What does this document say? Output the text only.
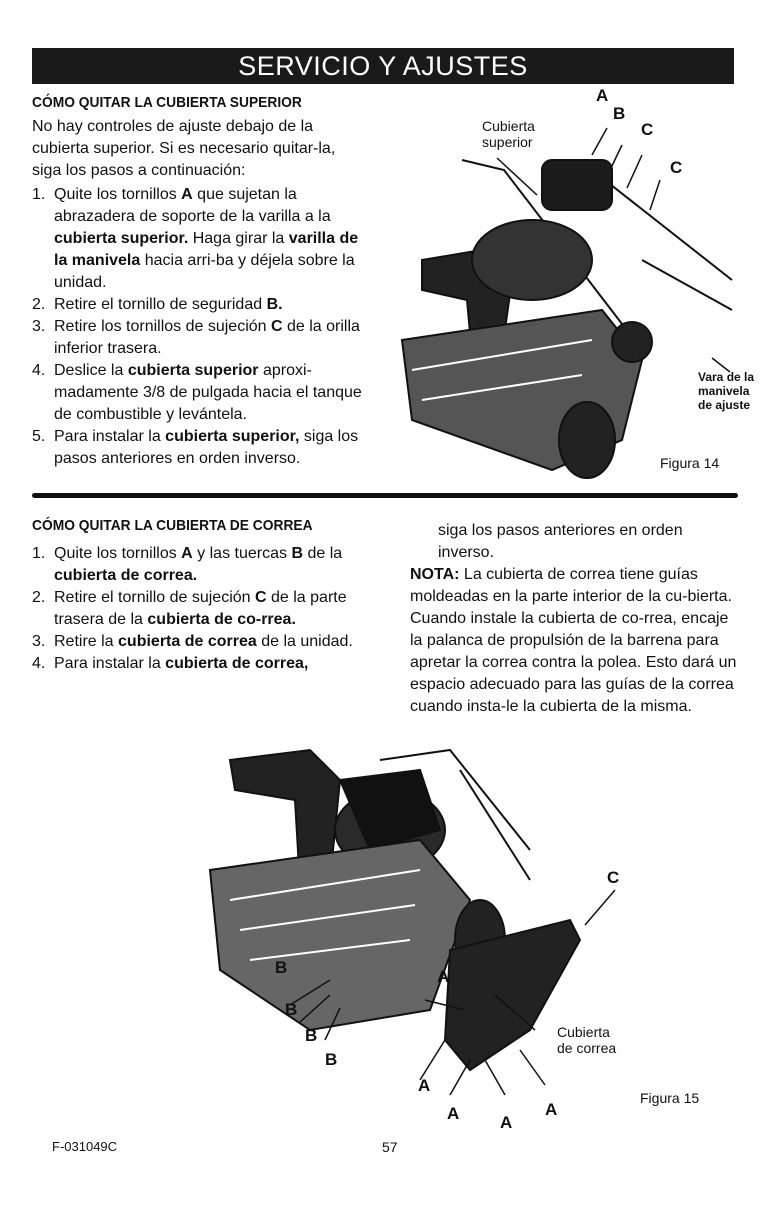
SERVICIO Y AJUSTES
CÓMO QUITAR LA CUBIERTA SUPERIOR
No hay controles de ajuste debajo de la cubierta superior. Si es necesario quitar-la, siga los pasos a continuación:
1. Quite los tornillos A que sujetan la abrazadera de soporte de la varilla a la cubierta superior. Haga girar la varilla de la manivela hacia arri-ba y déjela sobre la unidad.
2. Retire el tornillo de seguridad B.
3. Retire los tornillos de sujeción C de la orilla inferior trasera.
4. Deslice la cubierta superior aproxi-madamente 3/8 de pulgada hacia el tanque de combustible y levántela.
5. Para instalar la cubierta superior, siga los pasos anteriores en orden inverso.
A
B
C
C
Cubierta
superior
Vara de la
manivela
de ajuste
Figura 14
CÓMO QUITAR LA CUBIERTA DE CORREA
1. Quite los tornillos A y las tuercas B de la cubierta de correa.
2. Retire el tornillo de sujeción C de la parte trasera de la cubierta de co-rrea.
3. Retire la cubierta de correa de la unidad.
4. Para instalar la cubierta de correa,
siga los pasos anteriores en orden inverso.
NOTA: La cubierta de correa tiene guías moldeadas en la parte interior de la cu-bierta. Cuando instale la cubierta de co-rrea, encaje la palanca de propulsión de la barrena para apretar la correa contra la polea. Esto dará un espacio adecuado para las guías de la correa cuando insta-le la cubierta de la misma.
C
A
B
B
B
B
Cubierta
de correa
A
A A
A
Figura 15
F-031049C	57
